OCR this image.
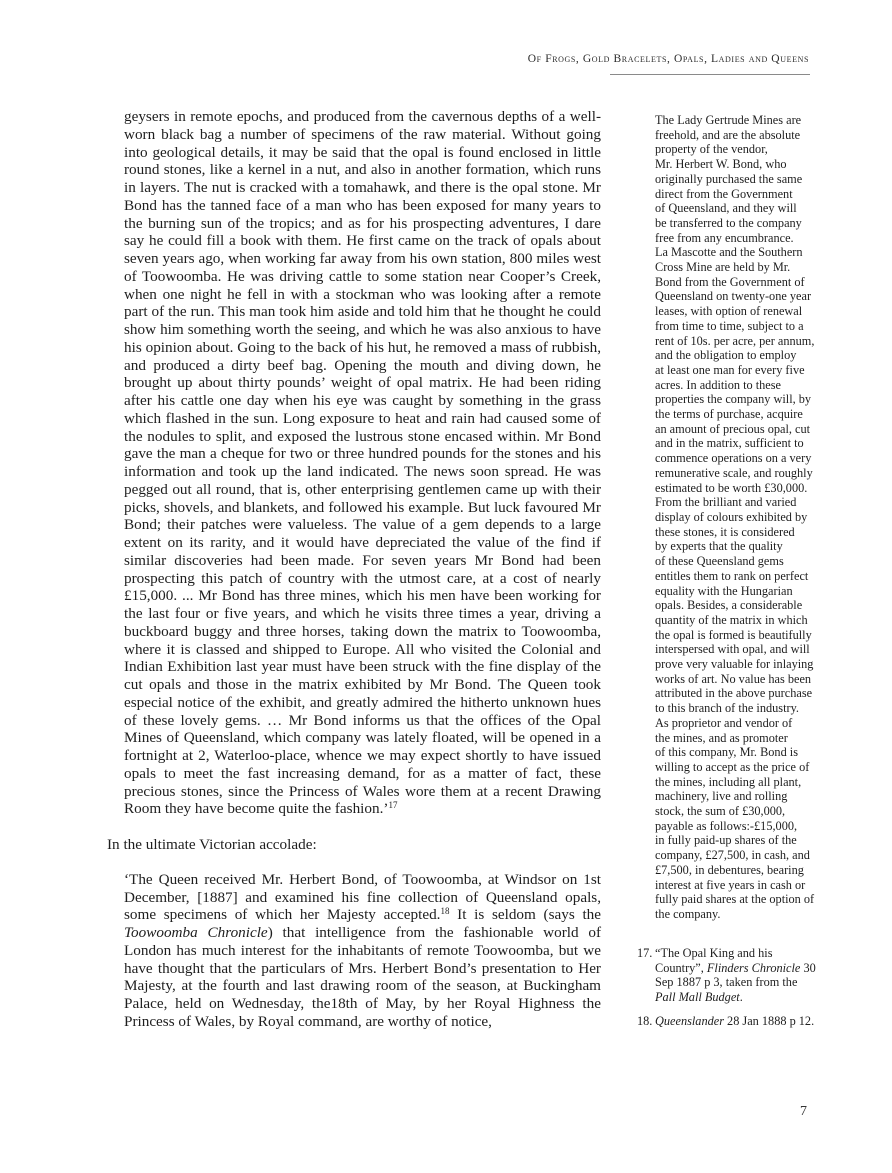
Of Frogs, Gold Bracelets, Opals, Ladies and Queens

geysers in remote epochs, and produced from the cavernous depths of a well-worn black bag a number of specimens of the raw material. Without going into geological details, it may be said that the opal is found enclosed in little round stones, like a kernel in a nut, and also in another formation, which runs in layers. The nut is cracked with a tomahawk, and there is the opal stone. Mr Bond has the tanned face of a man who has been exposed for many years to the burning sun of the tropics; and as for his prospecting adventures, I dare say he could fill a book with them. He first came on the track of opals about seven years ago, when working far away from his own station, 800 miles west of Toowoomba. He was driving cattle to some station near Cooper’s Creek, when one night he fell in with a stockman who was looking after a remote part of the run. This man took him aside and told him that he thought he could show him something worth the seeing, and which he was also anxious to have his opinion about. Going to the back of his hut, he removed a mass of rubbish, and produced a dirty beef bag. Opening the mouth and diving down, he brought up about thirty pounds’ weight of opal matrix. He had been riding after his cattle one day when his eye was caught by something in the grass which flashed in the sun. Long exposure to heat and rain had caused some of the nodules to split, and exposed the lustrous stone encased within. Mr Bond gave the man a cheque for two or three hundred pounds for the stones and his information and took up the land indicated. The news soon spread. He was pegged out all round, that is, other enterprising gentlemen came up with their picks, shovels, and blankets, and followed his example. But luck favoured Mr Bond; their patches were valueless. The value of a gem depends to a large extent on its rarity, and it would have depreciated the value of the find if similar discoveries had been made. For seven years Mr Bond had been prospecting this patch of country with the utmost care, at a cost of nearly £15,000. ... Mr Bond has three mines, which his men have been working for the last four or five years, and which he visits three times a year, driving a buckboard buggy and three horses, taking down the matrix to Toowoomba, where it is classed and shipped to Europe. All who visited the Colonial and Indian Exhibition last year must have been struck with the fine display of the cut opals and those in the matrix exhibited by Mr Bond. The Queen took especial notice of the exhibit, and greatly admired the hitherto unknown hues of these lovely gems. … Mr Bond informs us that the offices of the Opal Mines of Queensland, which company was lately floated, will be opened in a fortnight at 2, Waterloo-place, whence we may expect shortly to have issued opals to meet the fast increasing demand, for as a matter of fact, these precious stones, since the Princess of Wales wore them at a recent Drawing Room they have become quite the fashion.’$^{17}$

In the ultimate Victorian accolade:

‘The Queen received Mr. Herbert Bond, of Toowoomba, at Windsor on 1st December, [1887] and examined his fine collection of Queensland opals, some specimens of which her Majesty accepted.$^{18}$ It is seldom (says the Toowoomba Chronicle) that intelligence from the fashionable world of London has much interest for the inhabitants of remote Toowoomba, but we have thought that the particulars of Mrs. Herbert Bond’s presentation to Her Majesty, at the fourth and last drawing room of the season, at Buckingham Palace, held on Wednesday, the18th of May, by her Royal Highness the Princess of Wales, by Royal command, are worthy of notice,

The Lady Gertrude Mines are
freehold, and are the absolute
property of the vendor,
Mr. Herbert W. Bond, who
originally purchased the same
direct from the Government
of Queensland, and they will
be transferred to the company
free from any encumbrance.
La Mascotte and the Southern
Cross Mine are held by Mr.
Bond from the Government of
Queensland on twenty-one year
leases, with option of renewal
from time to time, subject to a
rent of 10s. per acre, per annum,
and the obligation to employ
at least one man for every five
acres. In addition to these
properties the company will, by
the terms of purchase, acquire
an amount of precious opal, cut
and in the matrix, sufficient to
commence operations on a very
remunerative scale, and roughly
estimated to be worth £30,000.
From the brilliant and varied
display of colours exhibited by
these stones, it is considered
by experts that the quality
of these Queensland gems
entitles them to rank on perfect
equality with the Hungarian
opals. Besides, a considerable
quantity of the matrix in which
the opal is formed is beautifully
interspersed with opal, and will
prove very valuable for inlaying
works of art. No value has been
attributed in the above purchase
to this branch of the industry.
As proprietor and vendor of
the mines, and as promoter
of this company, Mr. Bond is
willing to accept as the price of
the mines, including all plant,
machinery, live and rolling
stock, the sum of £30,000,
payable as follows:-£15,000,
in fully paid-up shares of the
company, £27,500, in cash, and
£7,500, in debentures, bearing
interest at five years in cash or
fully paid shares at the option of
the company.
17. “The Opal King and his
Country”, Flinders Chronicle 30
Sep 1887 p 3, taken from the
Pall Mall Budget.
18. Queenslander 28 Jan 1888 p 12.
7
